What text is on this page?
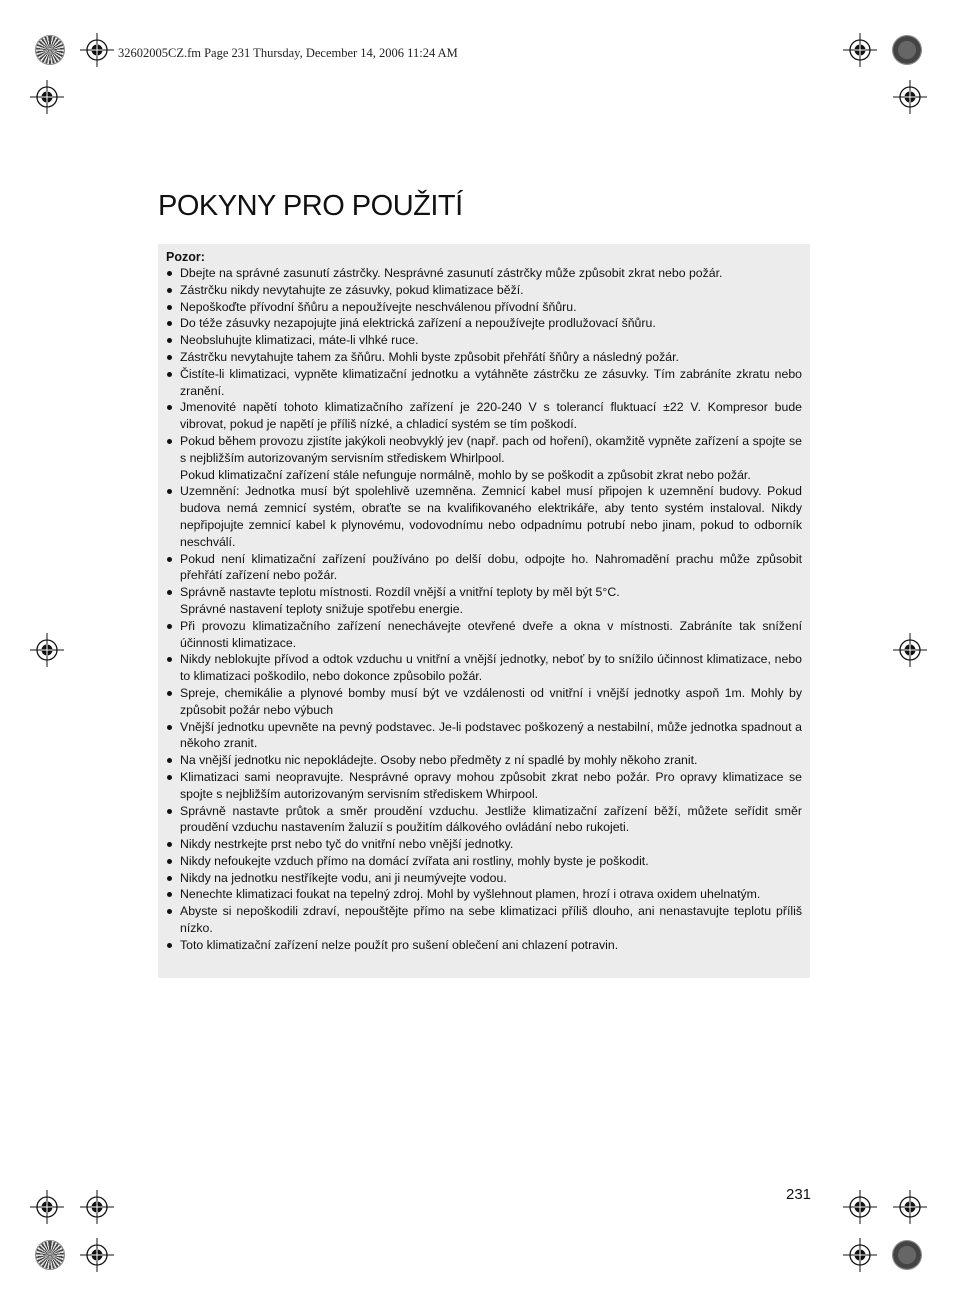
32602005CZ.fm Page 231 Thursday, December 14, 2006 11:24 AM
POKYNY PRO POUŽITÍ
Pozor:
Dbejte na správné zasunutí zástrčky. Nesprávné zasunutí zástrčky může způsobit zkrat nebo požár.
Zástrčku nikdy nevytahujte ze zásuvky, pokud klimatizace běží.
Nepoškoďte přívodní šňůru a nepoužívejte neschválenou přívodní šňůru.
Do téže zásuvky nezapojujte jiná elektrická zařízení a nepoužívejte prodlužovací šňůru.
Neobsluhujte klimatizaci, máte-li vlhké ruce.
Zástrčku nevytahujte tahem za šňůru. Mohli byste způsobit přehřátí šňůry a následný požár.
Čistíte-li klimatizaci, vypněte klimatizační jednotku a vytáhněte zástrčku ze zásuvky. Tím zabráníte zkratu nebo zranění.
Jmenovité napětí tohoto klimatizačního zařízení je 220-240 V s tolerancí fluktuací ±22 V. Kompresor bude vibrovat, pokud je napětí je příliš nízké, a chladicí systém se tím poškodí.
Pokud během provozu zjistíte jakýkoli neobvyklý jev (např. pach od hoření), okamžitě vypněte zařízení a spojte se s nejbližším autorizovaným servisním střediskem Whirlpool.
Pokud klimatizační zařízení stále nefunguje normálně, mohlo by se poškodit a způsobit zkrat nebo požár.
Uzemnění: Jednotka musí být spolehlivě uzemněna. Zemnicí kabel musí připojen k uzemnění budovy. Pokud budova nemá zemnicí systém, obraťte se na kvalifikovaného elektrikáře, aby tento systém instaloval. Nikdy nepřipojujte zemnicí kabel k plynovému, vodovodnímu nebo odpadnímu potrubí nebo jinam, pokud to odborník neschválí.
Pokud není klimatizační zařízení používáno po delší dobu, odpojte ho. Nahromadění prachu může způsobit přehřátí zařízení nebo požár.
Správně nastavte teplotu místnosti. Rozdíl vnější a vnitřní teploty by měl být 5°C.
Správné nastavení teploty snižuje spotřebu energie.
Při provozu klimatizačního zařízení nenechávejte otevřené dveře a okna v místnosti. Zabráníte tak snížení účinnosti klimatizace.
Nikdy neblokujte přívod a odtok vzduchu u vnitřní a vnější jednotky, neboť by to snížilo účinnost klimatizace, nebo to klimatizaci poškodilo, nebo dokonce způsobilo požár.
Spreje, chemikálie a plynové bomby musí být ve vzdálenosti od vnitřní i vnější jednotky aspoň 1m. Mohly by způsobit požár nebo výbuch
Vnější jednotku upevněte na pevný podstavec. Je-li podstavec poškozený a nestabilní, může jednotka spadnout a někoho zranit.
Na vnější jednotku nic nepokládejte. Osoby nebo předměty z ní spadlé by mohly někoho zranit.
Klimatizaci sami neopravujte. Nesprávné opravy mohou způsobit zkrat nebo požár. Pro opravy klimatizace se spojte s nejbližším autorizovaným servisním střediskem Whirpool.
Správně nastavte průtok a směr proudění vzduchu. Jestliže klimatizační zařízení běží, můžete seřídit směr proudění vzduchu nastavením žaluzií s použitím dálkového ovládání nebo rukojeti.
Nikdy nestrkejte prst nebo tyč do vnitřní nebo vnější jednotky.
Nikdy nefoukejte vzduch přímo na domácí zvířata ani rostliny, mohly byste je poškodit.
Nikdy na jednotku nestříkejte vodu, ani ji neumývejte vodou.
Nenechte klimatizaci foukat na tepelný zdroj. Mohl by vyšlehnout plamen, hrozí i otrava oxidem uhelnatým.
Abyste si nepoškodili zdraví, nepouštějte přímo na sebe klimatizaci příliš dlouho, ani nenastavujte teplotu příliš nízko.
Toto klimatizační zařízení nelze použít pro sušení oblečení ani chlazení potravin.
231
